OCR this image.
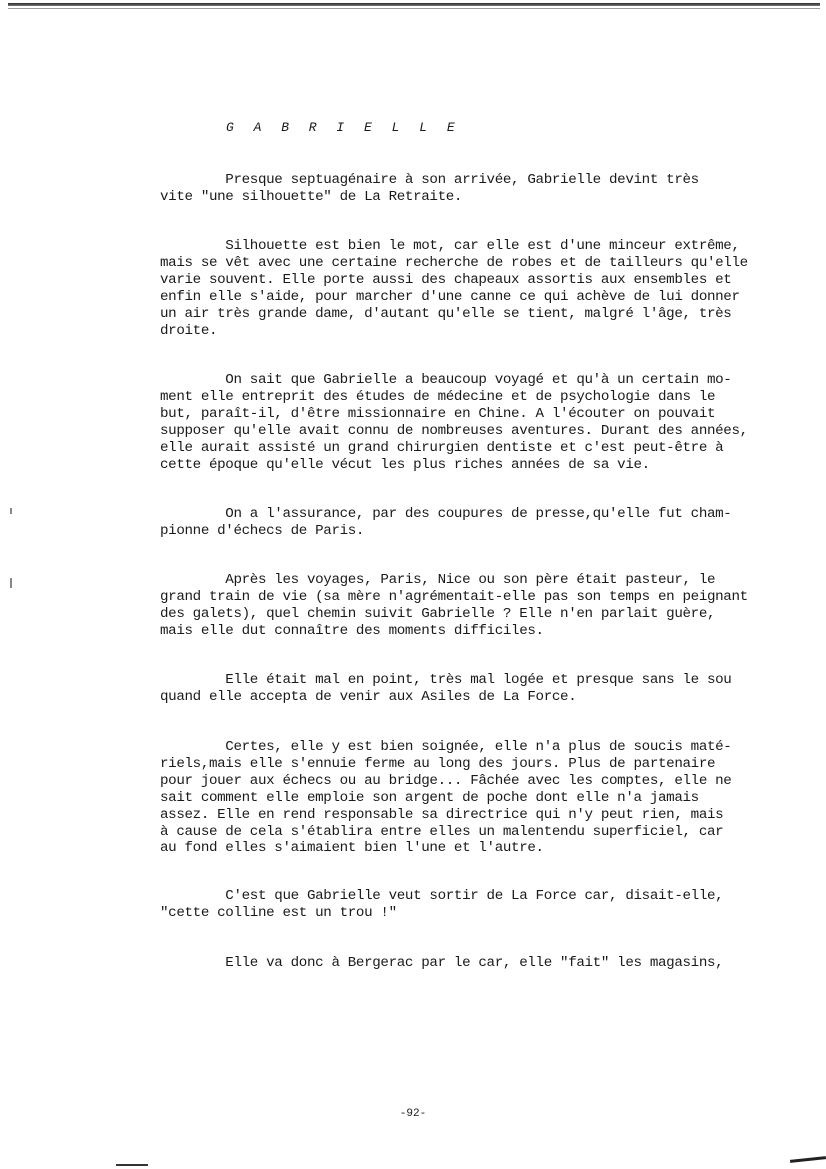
G A B R I E L L E

Presque septuagénaire à son arrivée, Gabrielle devint très
vite "une silhouette" de La Retraite.

Silhouette est bien le mot, car elle est d'une minceur extrême,
mais se vêt avec une certaine recherche de robes et de tailleurs qu'elle
varie souvent. Elle porte aussi des chapeaux assortis aux ensembles et
enfin elle s'aide, pour marcher d'une canne ce qui achève de lui donner
un air très grande dame, d'autant qu'elle se tient, malgré l'âge, très
droite.

On sait que Gabrielle a beaucoup voyagé et qu'à un certain mo-
ment elle entreprit des études de médecine et de psychologie dans le
but, paraît-il, d'être missionnaire en Chine. A l'écouter on pouvait
supposer qu'elle avait connu de nombreuses aventures. Durant des années,
elle aurait assisté un grand chirurgien dentiste et c'est peut-être à
cette époque qu'elle vécut les plus riches années de sa vie.

On a l'assurance, par des coupures de presse,qu'elle fut cham-
pionne d'échecs de Paris.

Après les voyages, Paris, Nice ou son père était pasteur, le
grand train de vie (sa mère n'agrémentait-elle pas son temps en peignant
des galets), quel chemin suivit Gabrielle ? Elle n'en parlait guère,
mais elle dut connaître des moments difficiles.

Elle était mal en point, très mal logée et presque sans le sou
quand elle accepta de venir aux Asiles de La Force.

Certes, elle y est bien soignée, elle n'a plus de soucis maté-
riels,mais elle s'ennuie ferme au long des jours. Plus de partenaire
pour jouer aux échecs ou au bridge... Fâchée avec les comptes, elle ne
sait comment elle emploie son argent de poche dont elle n'a jamais
assez. Elle en rend responsable sa directrice qui n'y peut rien, mais
à cause de cela s'établira entre elles un malentendu superficiel, car
au fond elles s'aimaient bien l'une et l'autre.

C'est que Gabrielle veut sortir de La Force car, disait-elle,
"cette colline est un trou !"

Elle va donc à Bergerac par le car, elle "fait" les magasins,

-92-
